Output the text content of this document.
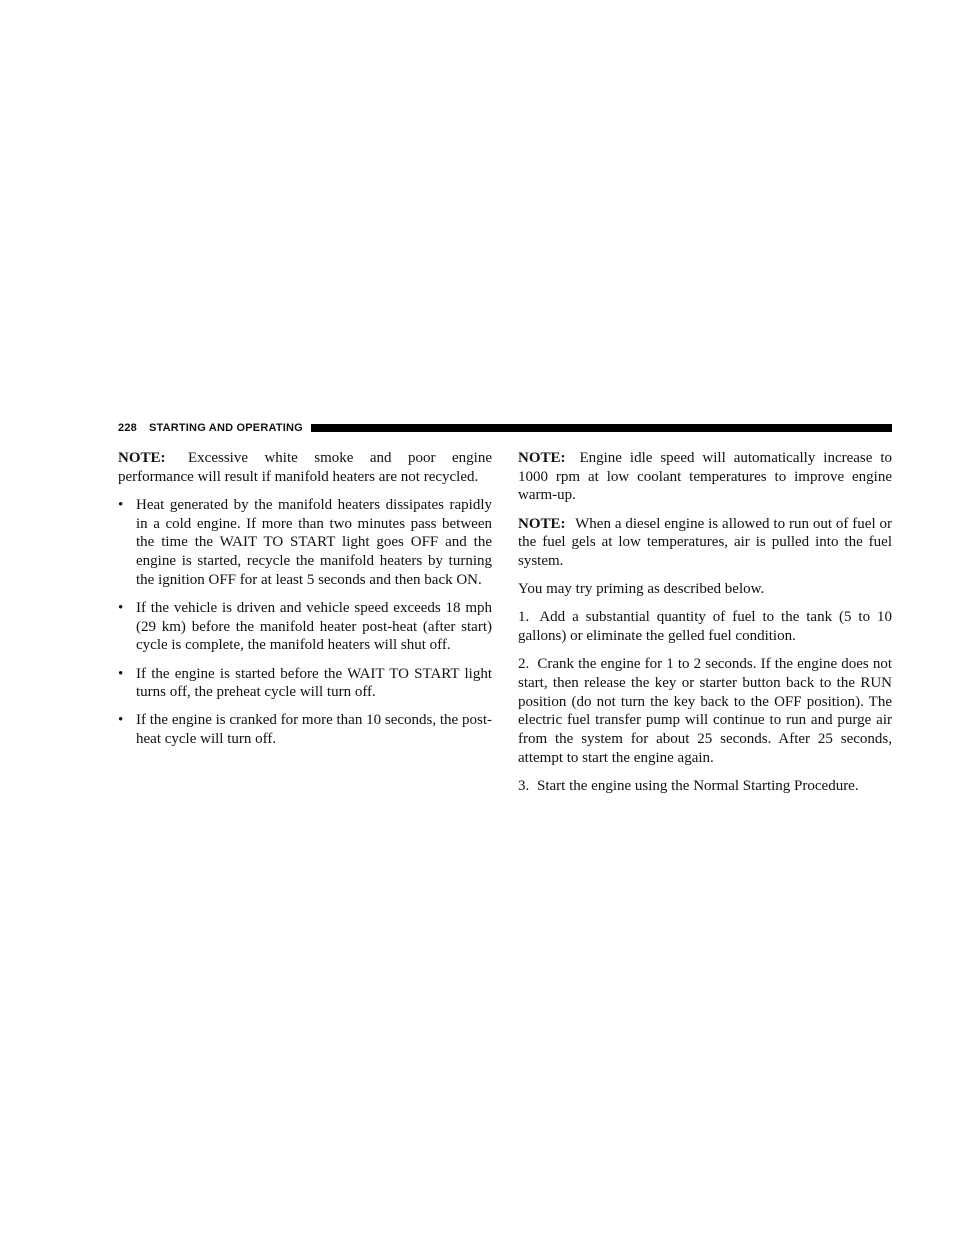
228 STARTING AND OPERATING

NOTE: Excessive white smoke and poor engine performance will result if manifold heaters are not recycled.

• Heat generated by the manifold heaters dissipates rapidly in a cold engine. If more than two minutes pass between the time the WAIT TO START light goes OFF and the engine is started, recycle the manifold heaters by turning the ignition OFF for at least 5 seconds and then back ON.
• If the vehicle is driven and vehicle speed exceeds 18 mph (29 km) before the manifold heater post-heat (after start) cycle is complete, the manifold heaters will shut off.
• If the engine is started before the WAIT TO START light turns off, the preheat cycle will turn off.
• If the engine is cranked for more than 10 seconds, the post-heat cycle will turn off.

NOTE: Engine idle speed will automatically increase to 1000 rpm at low coolant temperatures to improve engine warm-up.

NOTE: When a diesel engine is allowed to run out of fuel or the fuel gels at low temperatures, air is pulled into the fuel system.

You may try priming as described below.

1. Add a substantial quantity of fuel to the tank (5 to 10 gallons) or eliminate the gelled fuel condition.
2. Crank the engine for 1 to 2 seconds. If the engine does not start, then release the key or starter button back to the RUN position (do not turn the key back to the OFF position). The electric fuel transfer pump will continue to run and purge air from the system for about 25 seconds. After 25 seconds, attempt to start the engine again.
3. Start the engine using the Normal Starting Procedure.
